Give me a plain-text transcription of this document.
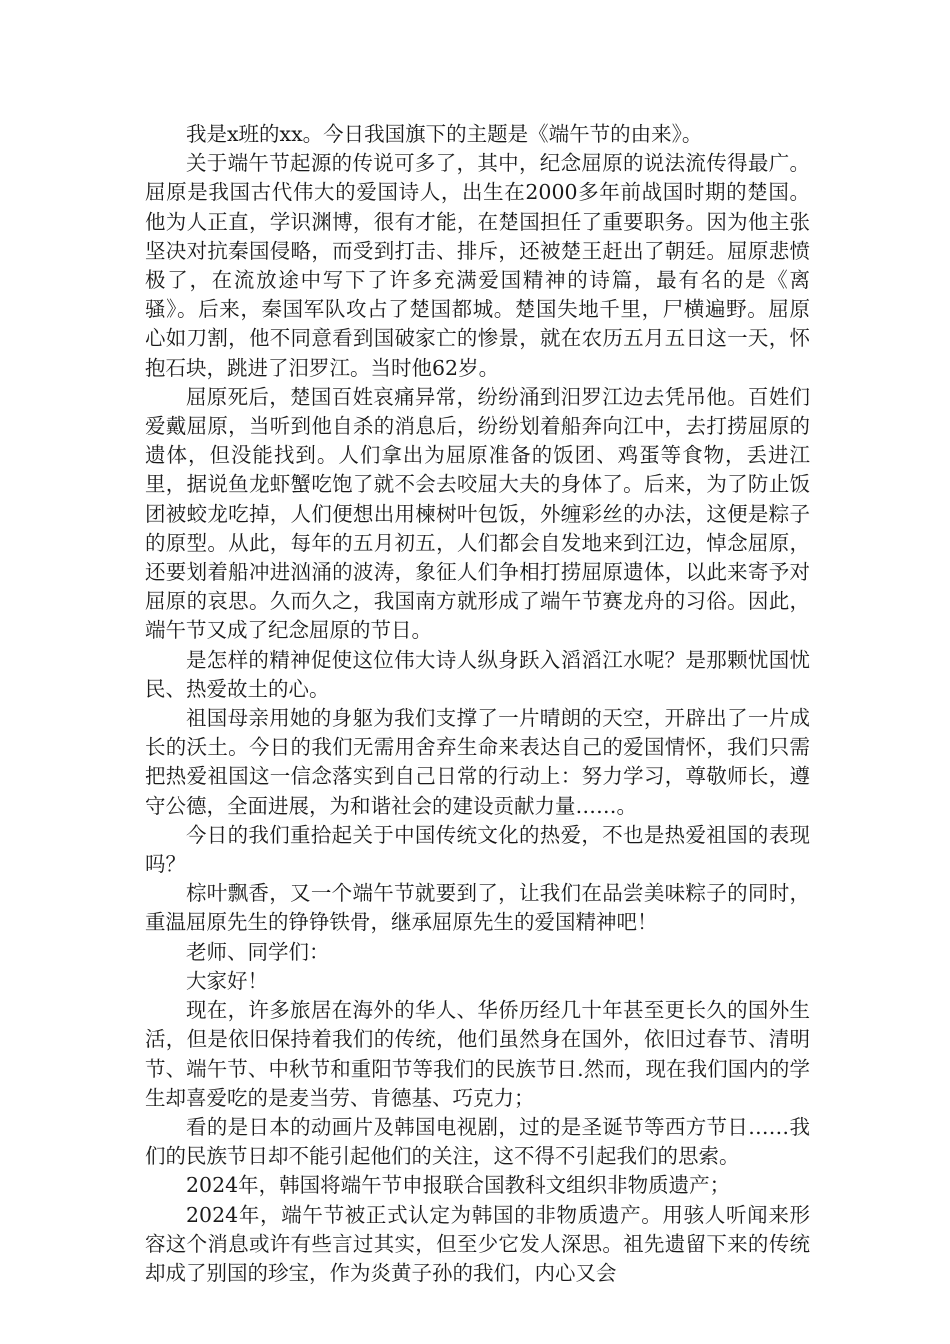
我是x班的xx。今日我国旗下的主题是《端午节的由来》。

关于端午节起源的传说可多了，其中，纪念屈原的说法流传得最广。屈原是我国古代伟大的爱国诗人，出生在2000多年前战国时期的楚国。他为人正直，学识渊博，很有才能，在楚国担任了重要职务。因为他主张坚决对抗秦国侵略，而受到打击、排斥，还被楚王赶出了朝廷。屈原悲愤极了，在流放途中写下了许多充满爱国精神的诗篇，最有名的是《离骚》。后来，秦国军队攻占了楚国都城。楚国失地千里，尸横遍野。屈原心如刀割，他不同意看到国破家亡的惨景，就在农历五月五日这一天，怀抱石块，跳进了汨罗江。当时他62岁。

屈原死后，楚国百姓哀痛异常，纷纷涌到汨罗江边去凭吊他。百姓们爱戴屈原，当听到他自杀的消息后，纷纷划着船奔向江中，去打捞屈原的遗体，但没能找到。人们拿出为屈原准备的饭团、鸡蛋等食物，丢进江里，据说鱼龙虾蟹吃饱了就不会去咬屈大夫的身体了。后来，为了防止饭团被蛟龙吃掉，人们便想出用楝树叶包饭，外缠彩丝的办法，这便是粽子的原型。从此，每年的五月初五，人们都会自发地来到江边，悼念屈原，还要划着船冲进汹涌的波涛，象征人们争相打捞屈原遗体，以此来寄予对屈原的哀思。久而久之，我国南方就形成了端午节赛龙舟的习俗。因此，端午节又成了纪念屈原的节日。

是怎样的精神促使这位伟大诗人纵身跃入滔滔江水呢？是那颗忧国忧民、热爱故土的心。

祖国母亲用她的身躯为我们支撑了一片晴朗的天空，开辟出了一片成长的沃土。今日的我们无需用舍弃生命来表达自己的爱国情怀，我们只需把热爱祖国这一信念落实到自己日常的行动上：努力学习，尊敬师长，遵守公德，全面进展，为和谐社会的建设贡献力量……。

今日的我们重拾起关于中国传统文化的热爱，不也是热爱祖国的表现吗？

棕叶飘香，又一个端午节就要到了，让我们在品尝美味粽子的同时，重温屈原先生的铮铮铁骨，继承屈原先生的爱国精神吧！

老师、同学们：

大家好！

现在，许多旅居在海外的华人、华侨历经几十年甚至更长久的国外生活，但是依旧保持着我们的传统，他们虽然身在国外，依旧过春节、清明节、端午节、中秋节和重阳节等我们的民族节日.然而，现在我们国内的学生却喜爱吃的是麦当劳、肯德基、巧克力；

看的是日本的动画片及韩国电视剧，过的是圣诞节等西方节日……我们的民族节日却不能引起他们的关注，这不得不引起我们的思索。

2024年，韩国将端午节申报联合国教科文组织非物质遗产；

2024年，端午节被正式认定为韩国的非物质遗产。用骇人听闻来形容这个消息或许有些言过其实，但至少它发人深思。祖先遗留下来的传统却成了别国的珍宝，作为炎黄子孙的我们，内心又会
